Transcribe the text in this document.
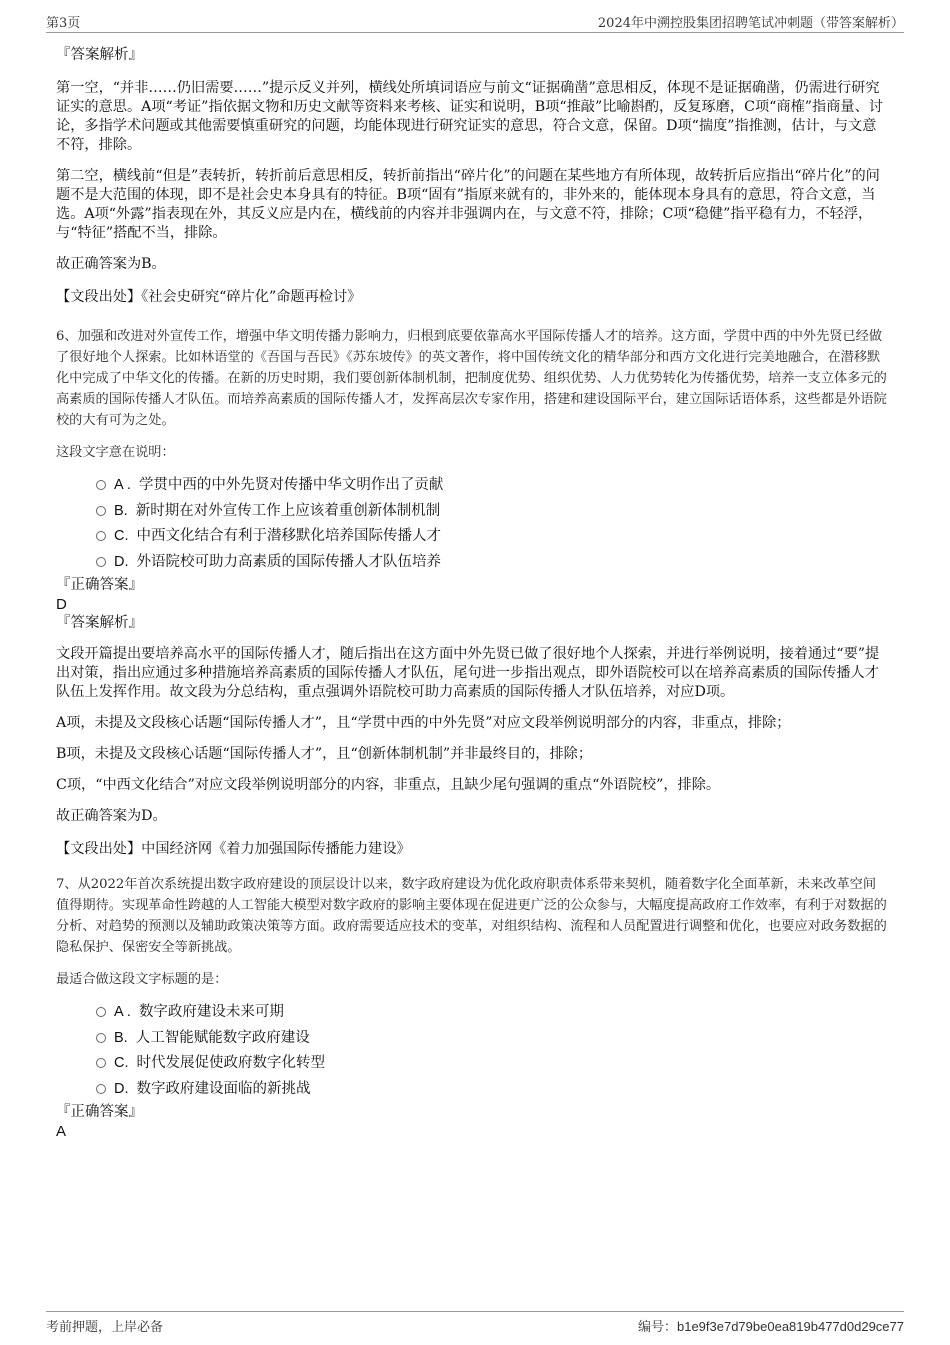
第3页	2024年中溯控股集团招聘笔试冲刺题（带答案解析）

『答案解析』

第一空，“并非……仍旧需要……”提示反义并列，横线处所填词语应与前文“证据确凿”意思相反，体现不是证据确凿，仍需进行研究证实的意思。A项“考证”指依据文物和历史文献等资料来考核、证实和说明，B项“推敲”比喻斟酌，反复琢磨，C项“商榷”指商量、讨论，多指学术问题或其他需要慎重研究的问题，均能体现进行研究证实的意思，符合文意，保留。D项“揣度”指推测，估计，与文意不符，排除。

第二空，横线前“但是”表转折，转折前后意思相反，转折前指出“碎片化”的问题在某些地方有所体现，故转折后应指出“碎片化”的问题不是大范围的体现，即不是社会史本身具有的特征。B项“固有”指原来就有的，非外来的，能体现本身具有的意思，符合文意，当选。A项“外露”指表现在外，其反义应是内在，横线前的内容并非强调内在，与文意不符，排除；C项“稳健”指平稳有力，不轻浮，与“特征”搭配不当，排除。

故正确答案为B。

【文段出处】《社会史研究“碎片化”命题再检讨》

6、加强和改进对外宣传工作，增强中华文明传播力影响力，归根到底要依靠高水平国际传播人才的培养。这方面，学贯中西的中外先贤已经做了很好地个人探索。比如林语堂的《吾国与吾民》《苏东坡传》的英文著作，将中国传统文化的精华部分和西方文化进行完美地融合，在潜移默化中完成了中华文化的传播。在新的历史时期，我们要创新体制机制，把制度优势、组织优势、人力优势转化为传播优势，培养一支立体多元的高素质的国际传播人才队伍。而培养高素质的国际传播人才，发挥高层次专家作用，搭建和建设国际平台，建立国际话语体系，这些都是外语院校的大有可为之处。

这段文字意在说明：

A . 学贯中西的中外先贤对传播中华文明作出了贡献
B. 新时期在对外宣传工作上应该着重创新体制机制
C. 中西文化结合有利于潜移默化培养国际传播人才
D. 外语院校可助力高素质的国际传播人才队伍培养

『正确答案』

D

『答案解析』

文段开篇提出要培养高水平的国际传播人才，随后指出在这方面中外先贤已做了很好地个人探索，并进行举例说明，接着通过“要”提出对策，指出应通过多种措施培养高素质的国际传播人才队伍，尾句进一步指出观点，即外语院校可以在培养高素质的国际传播人才队伍上发挥作用。故文段为分总结构，重点强调外语院校可助力高素质的国际传播人才队伍培养，对应D项。

A项，未提及文段核心话题“国际传播人才”，且“学贯中西的中外先贤”对应文段举例说明部分的内容，非重点，排除；

B项，未提及文段核心话题“国际传播人才”，且“创新体制机制”并非最终目的，排除；

C项，“中西文化结合”对应文段举例说明部分的内容，非重点，且缺少尾句强调的重点“外语院校”，排除。

故正确答案为D。

【文段出处】中国经济网《着力加强国际传播能力建设》

7、从2022年首次系统提出数字政府建设的顶层设计以来，数字政府建设为优化政府职责体系带来契机，随着数字化全面革新，未来改革空间值得期待。实现革命性跨越的人工智能大模型对数字政府的影响主要体现在促进更广泛的公众参与，大幅度提高政府工作效率，有利于对数据的分析、对趋势的预测以及辅助政策决策等方面。政府需要适应技术的变革，对组织结构、流程和人员配置进行调整和优化，也要应对政务数据的隐私保护、保密安全等新挑战。

最适合做这段文字标题的是：

A . 数字政府建设未来可期
B. 人工智能赋能数字政府建设
C. 时代发展促使政府数字化转型
D. 数字政府建设面临的新挑战

『正确答案』

A

考前押题，上岸必备	编号：b1e9f3e7d79be0ea819b477d0d29ce77
